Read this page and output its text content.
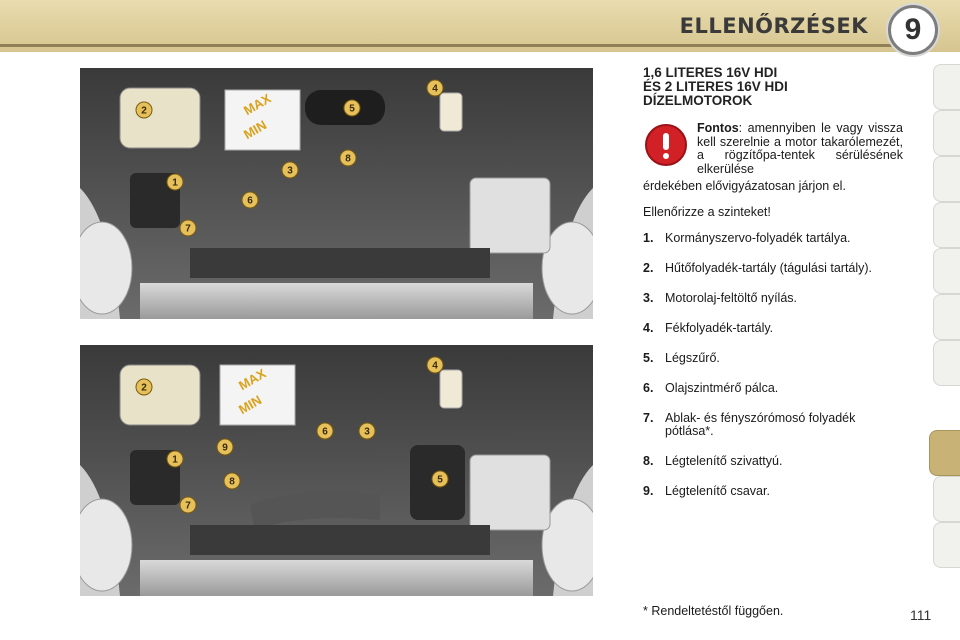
ELLENŐRZÉSEK	9
MAX
MIN
1
2
3
4
5
6
7
8
MAX
MIN
1
2
3
4
5
6
7
8
9
1,6 LITERES 16V HDI
ÉS 2 LITERES 16V HDI
DÍZELMOTOROK
Fontos: amennyiben le vagy vissza kell szerelnie a motor takarólemezét, a rögzítőpa-tentek sérülésének elkerülése
érdekében elővigyázatosan járjon el.
Ellenőrizze a szinteket!
1. Kormányszervo-folyadék tartálya.
2. Hűtőfolyadék-tartály (tágulási tartály).
3. Motorolaj-feltöltő nyílás.
4. Fékfolyadék-tartály.
5. Légszűrő.
6. Olajszintmérő pálca.
7. Ablak- és fényszórómosó folyadék pótlása*.
8. Légtelenítő szivattyú.
9. Légtelenítő csavar.
* Rendeltetéstől függően.	111
